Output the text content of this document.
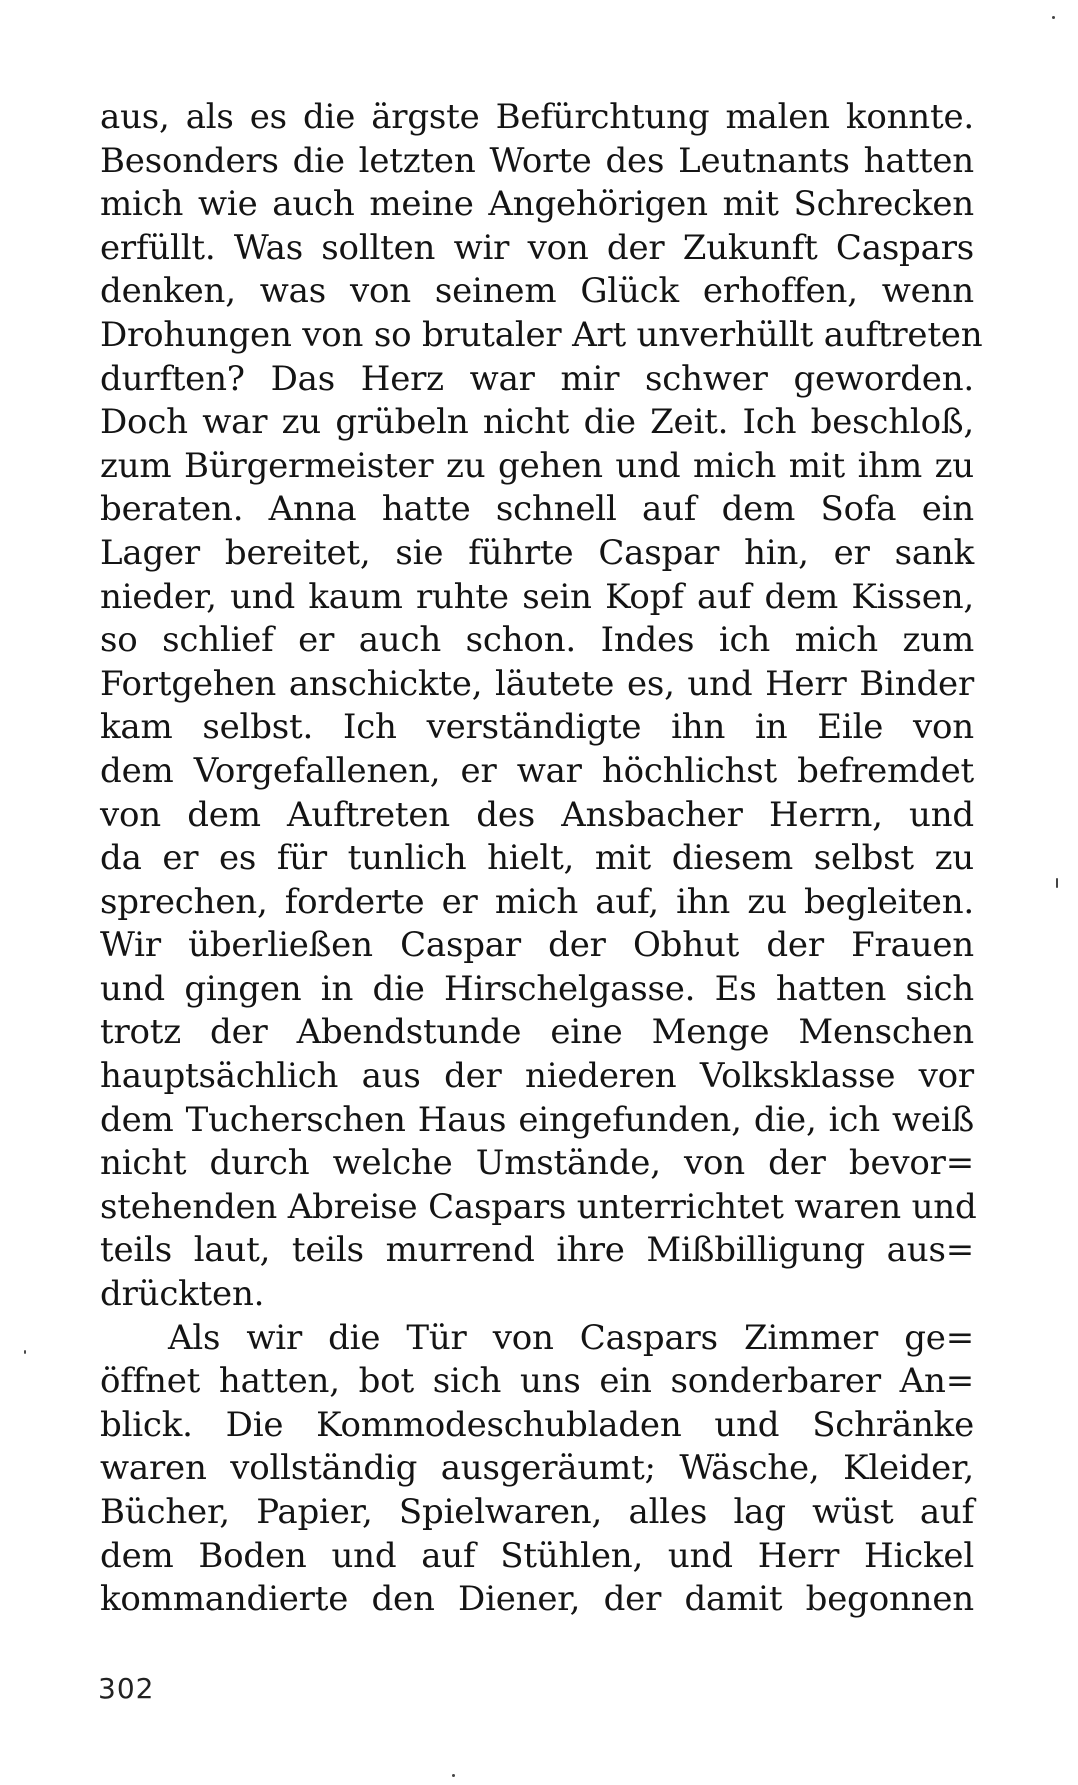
aus, als es die ärgste Befürchtung malen konnte.
Besonders die letzten Worte des Leutnants hatten
mich wie auch meine Angehörigen mit Schrecken
erfüllt. Was sollten wir von der Zukunft Caspars
denken, was von seinem Glück erhoffen, wenn
Drohungen von so brutaler Art unverhüllt auftreten
durften? Das Herz war mir schwer geworden.
Doch war zu grübeln nicht die Zeit. Ich beschloß,
zum Bürgermeister zu gehen und mich mit ihm zu
beraten. Anna hatte schnell auf dem Sofa ein
Lager bereitet, sie führte Caspar hin, er sank
nieder, und kaum ruhte sein Kopf auf dem Kissen,
so schlief er auch schon. Indes ich mich zum
Fortgehen anschickte, läutete es, und Herr Binder
kam selbst. Ich verständigte ihn in Eile von
dem Vorgefallenen, er war höchlichst befremdet
von dem Auftreten des Ansbacher Herrn, und
da er es für tunlich hielt, mit diesem selbst zu
sprechen, forderte er mich auf, ihn zu begleiten.
Wir überließen Caspar der Obhut der Frauen
und gingen in die Hirschelgasse. Es hatten sich
trotz der Abendstunde eine Menge Menschen
hauptsächlich aus der niederen Volksklasse vor
dem Tucherschen Haus eingefunden, die, ich weiß
nicht durch welche Umstände, von der bevor=
stehenden Abreise Caspars unterrichtet waren und
teils laut, teils murrend ihre Mißbilligung aus=
drückten.
Als wir die Tür von Caspars Zimmer ge=
öffnet hatten, bot sich uns ein sonderbarer An=
blick. Die Kommodeschubladen und Schränke
waren vollständig ausgeräumt; Wäsche, Kleider,
Bücher, Papier, Spielwaren, alles lag wüst auf
dem Boden und auf Stühlen, und Herr Hickel
kommandierte den Diener, der damit begonnen
302
